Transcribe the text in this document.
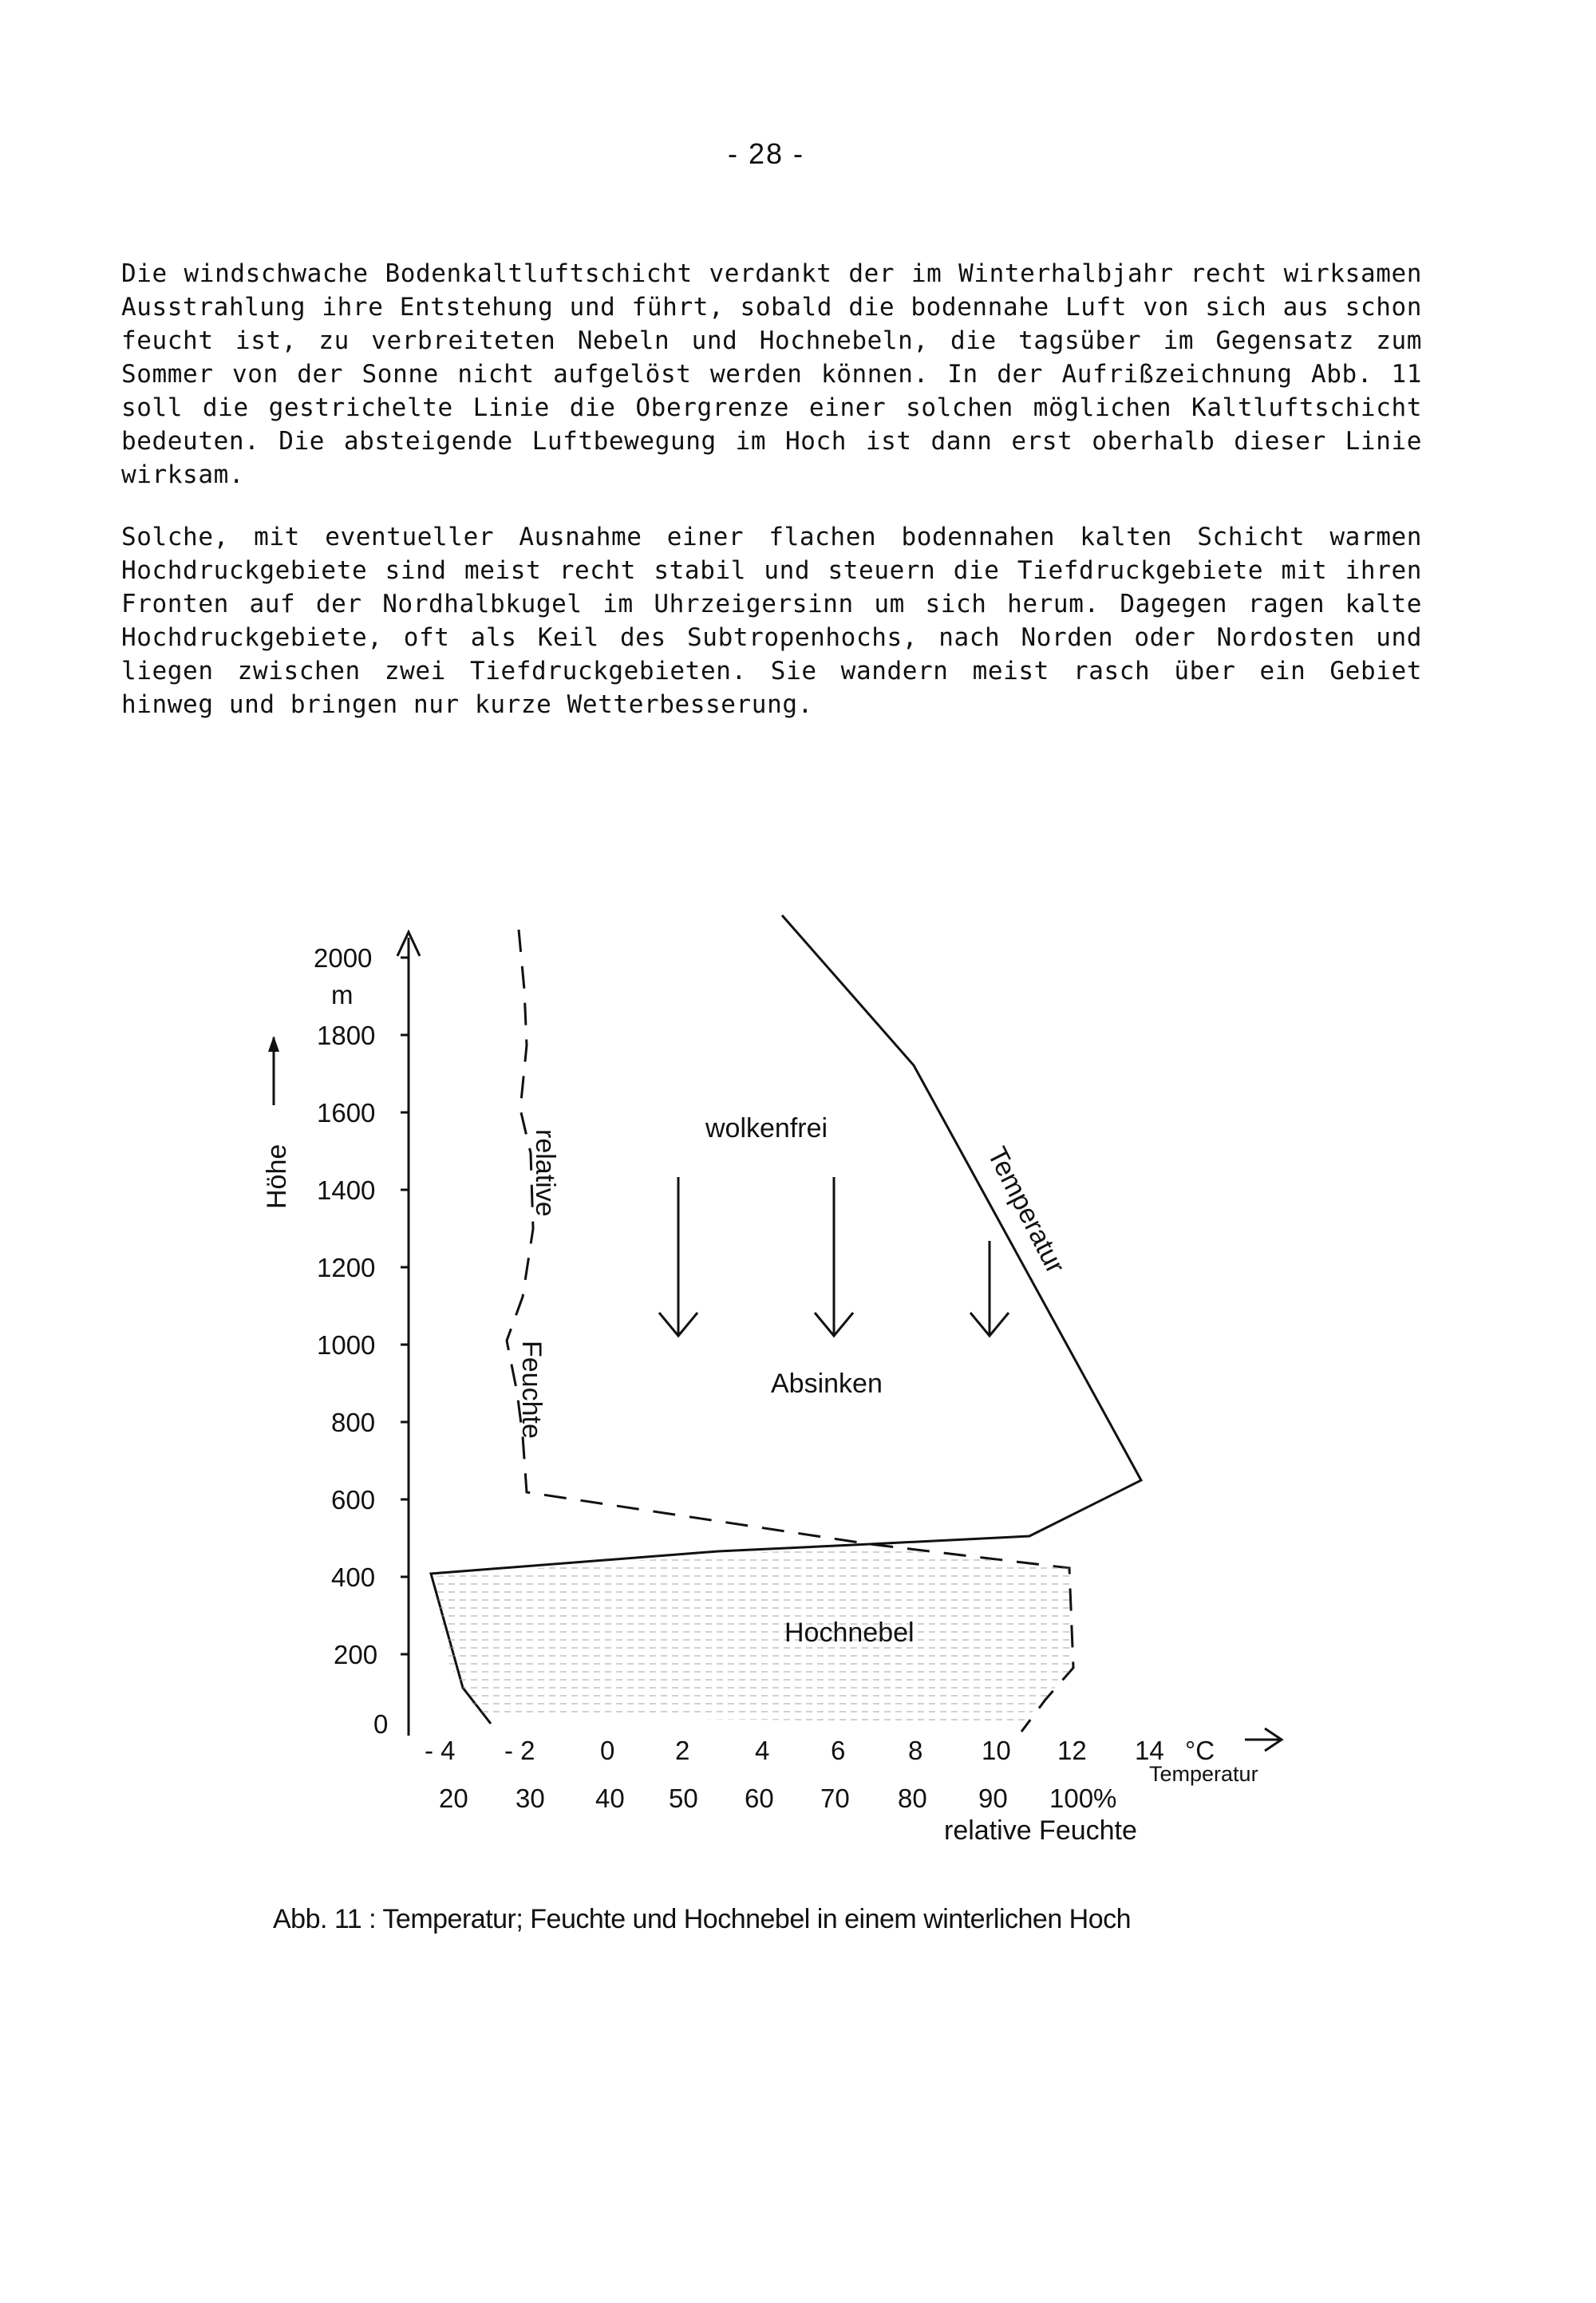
- 28 -
Die windschwache Bodenkaltluftschicht verdankt der im Winterhalbjahr recht wirksamen Ausstrahlung ihre Entstehung und führt, sobald die bodennahe Luft von sich aus schon feucht ist, zu verbreiteten Nebeln und Hochnebeln, die tagsüber im Gegensatz zum Sommer von der Sonne nicht aufgelöst werden können. In der Aufrißzeichnung Abb. 11 soll die gestrichelte Linie die Obergrenze einer solchen möglichen Kaltluftschicht bedeuten. Die absteigende Luftbewegung im Hoch ist dann erst oberhalb dieser Linie wirksam.
Solche, mit eventueller Ausnahme einer flachen bodennahen kalten Schicht warmen Hochdruckgebiete sind meist recht stabil und steuern die Tiefdruckgebiete mit ihren Fronten auf der Nordhalbkugel im Uhrzeigersinn um sich herum. Dagegen ragen kalte Hochdruckgebiete, oft als Keil des Subtropenhochs, nach Norden oder Nordosten und liegen zwischen zwei Tiefdruckgebieten. Sie wandern meist rasch über ein Gebiet hinweg und bringen nur kurze Wetterbesserung.
2000
m
1800
1600
1400
1200
1000
800
600
400
200
0
Höhe
wolkenfrei
Absinken
Hochnebel
Temperatur
relative
Feuchte
- 4 - 2 0 2 4 6 8 10 12 14 °C
Temperatur
20 30 40 50 60 70 80 90 100%
relative Feuchte
Abb. 11 : Temperatur; Feuchte und Hochnebel in einem winterlichen Hoch
